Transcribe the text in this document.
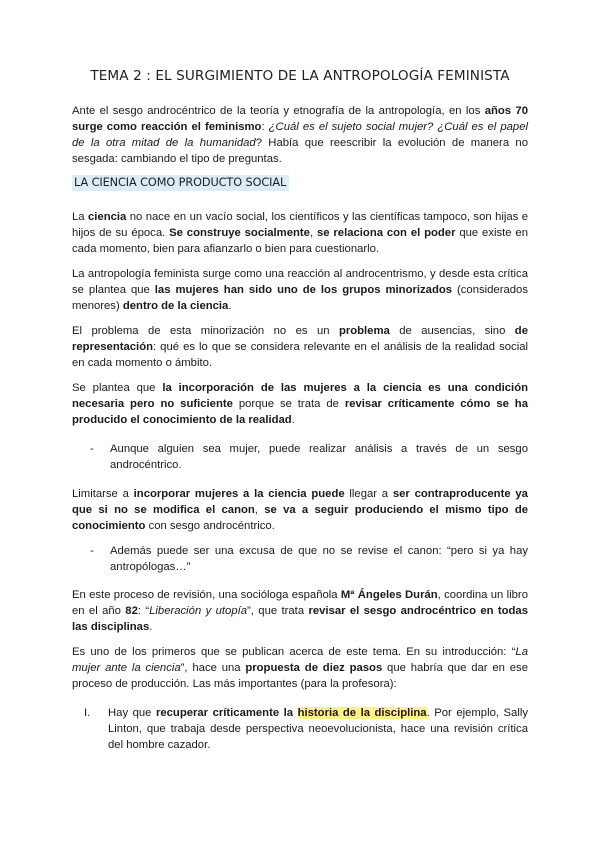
TEMA 2 : EL SURGIMIENTO DE LA ANTROPOLOGÍA FEMINISTA

Ante el sesgo androcéntrico de la teoría y etnografía de la antropología, en los años 70 surge como reacción el feminismo: ¿Cuál es el sujeto social mujer? ¿Cuál es el papel de la otra mitad de la humanidad? Había que reescribir la evolución de manera no sesgada: cambiando el tipo de preguntas.

LA CIENCIA COMO PRODUCTO SOCIAL

La ciencia no nace en un vacío social, los científicos y las científicas tampoco, son hijas e hijos de su época. Se construye socialmente, se relaciona con el poder que existe en cada momento, bien para afianzarlo o bien para cuestionarlo.

La antropología feminista surge como una reacción al androcentrismo, y desde esta crítica se plantea que las mujeres han sido uno de los grupos minorizados (considerados menores) dentro de la ciencia.

El problema de esta minorización no es un problema de ausencias, sino de representación: qué es lo que se considera relevante en el análisis de la realidad social en cada momento o ámbito.

Se plantea que la incorporación de las mujeres a la ciencia es una condición necesaria pero no suficiente porque se trata de revisar críticamente cómo se ha producido el conocimiento de la realidad.

- Aunque alguien sea mujer, puede realizar análisis a través de un sesgo androcéntrico.

Limitarse a incorporar mujeres a la ciencia puede llegar a ser contraproducente ya que si no se modifica el canon, se va a seguir produciendo el mismo tipo de conocimiento con sesgo androcéntrico.

- Además puede ser una excusa de que no se revise el canon: “pero si ya hay antropólogas…”

En este proceso de revisión, una socióloga española Mª Ángeles Durán, coordina un libro en el año 82: “Liberación y utopía”, que trata revisar el sesgo androcéntrico en todas las disciplinas.

Es uno de los primeros que se publican acerca de este tema. En su introducción: “La mujer ante la ciencia”, hace una propuesta de diez pasos que habría que dar en ese proceso de producción. Las más importantes (para la profesora):

I. Hay que recuperar críticamente la historia de la disciplina. Por ejemplo, Sally Linton, que trabaja desde perspectiva neoevolucionista, hace una revisión crítica del hombre cazador.
